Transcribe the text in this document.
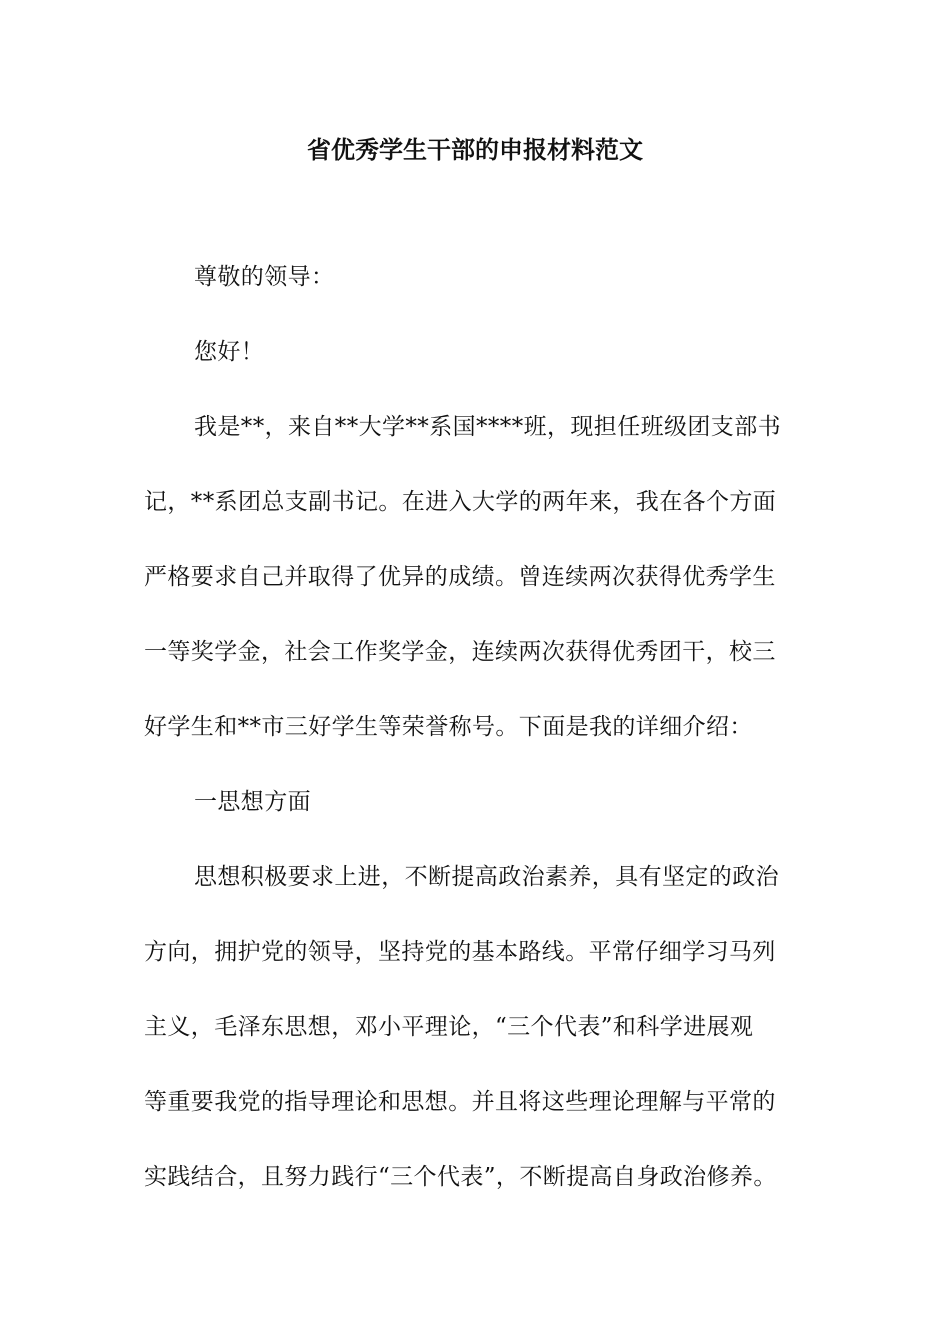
省优秀学生干部的申报材料范文
尊敬的领导：
您好！
我是**，来自**大学**系国****班，现担任班级团支部书
记，**系团总支副书记。在进入大学的两年来，我在各个方面
严格要求自己并取得了优异的成绩。曾连续两次获得优秀学生
一等奖学金，社会工作奖学金，连续两次获得优秀团干，校三
好学生和**市三好学生等荣誉称号。下面是我的详细介绍：
一思想方面
思想积极要求上进，不断提高政治素养，具有坚定的政治
方向，拥护党的领导，坚持党的基本路线。平常仔细学习马列
主义，毛泽东思想，邓小平理论，“三个代表”和科学进展观
等重要我党的指导理论和思想。并且将这些理论理解与平常的
实践结合，且努力践行“三个代表”，不断提高自身政治修养。
